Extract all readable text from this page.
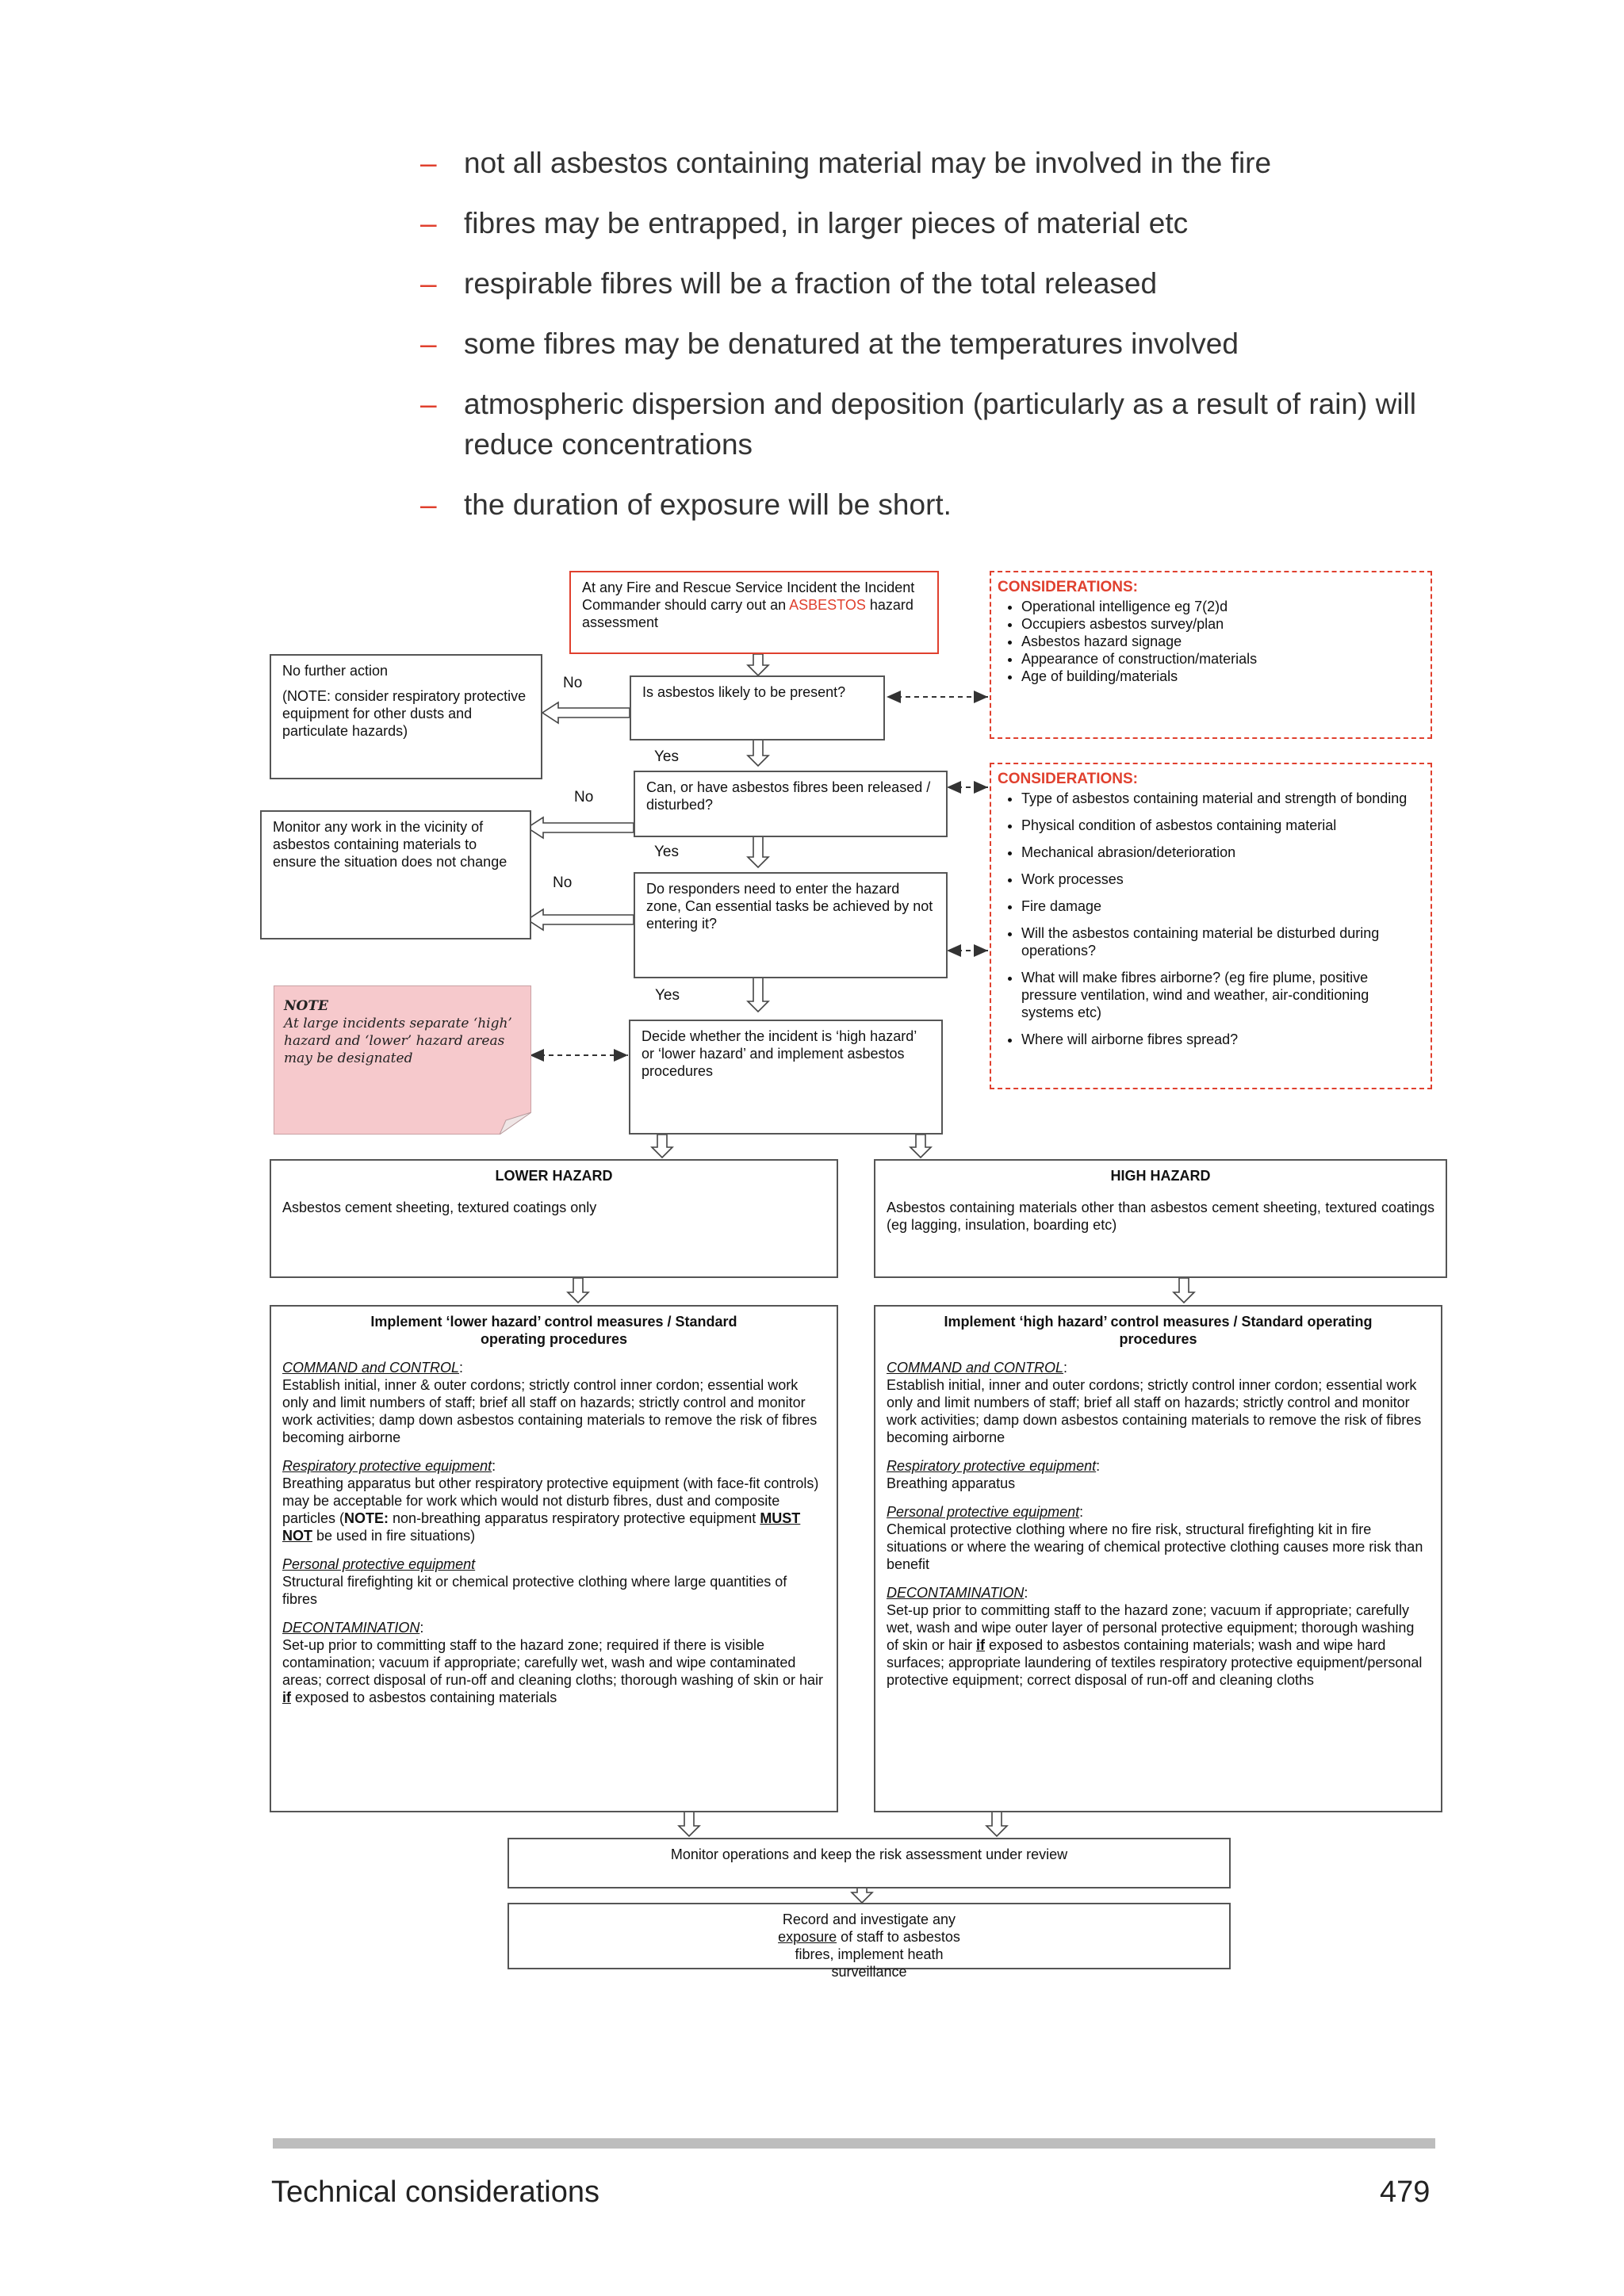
– not all asbestos containing material may be involved in the fire
– fibres may be entrapped, in larger pieces of material etc
– respirable fibres will be a fraction of the total released
– some fibres may be denatured at the temperatures involved
– atmospheric dispersion and deposition (particularly as a result of rain) will reduce concentrations
– the duration of exposure will be short.
At any Fire and Rescue Service Incident the Incident Commander should carry out an ASBESTOS hazard assessment
CONSIDERATIONS:
• Operational intelligence eg 7(2)d
• Occupiers asbestos survey/plan
• Asbestos hazard signage
• Appearance of construction/materials
• Age of building/materials
No further action
(NOTE: consider respiratory protective equipment for other dusts and particulate hazards)
No
Is asbestos likely to be present?
Yes
Can, or have asbestos fibres been released / disturbed?
No
CONSIDERATIONS:
• Type of asbestos containing material and strength of bonding
• Physical condition of asbestos containing material
• Mechanical abrasion/deterioration
• Work processes
• Fire damage
• Will the asbestos containing material be disturbed during operations?
• What will make fibres airborne? (eg fire plume, positive pressure ventilation, wind and weather, air-conditioning systems etc)
• Where will airborne fibres spread?
Monitor any work in the vicinity of asbestos containing materials to ensure the situation does not change
Yes
No	Do responders need to enter the hazard zone, Can essential tasks be achieved by not entering it?
Yes
NOTE
At large incidents separate ‘high’ hazard and ‘lower’ hazard areas may be designated
Decide whether the incident is ‘high hazard’ or ‘lower hazard’ and implement asbestos procedures
LOWER HAZARD
Asbestos cement sheeting, textured coatings only
HIGH HAZARD
Asbestos containing materials other than asbestos cement sheeting, textured coatings (eg lagging, insulation, boarding etc)
Implement ‘lower hazard’ control measures / Standard operating procedures
COMMAND and CONTROL:
Establish initial, inner & outer cordons; strictly control inner cordon; essential work only and limit numbers of staff; brief all staff on hazards; strictly control and monitor work activities; damp down asbestos containing materials to remove the risk of fibres becoming airborne
Respiratory protective equipment:
Breathing apparatus but other respiratory protective equipment (with face-fit controls) may be acceptable for work which would not disturb fibres, dust and composite particles (NOTE: non-breathing apparatus respiratory protective equipment MUST NOT be used in fire situations)
Personal protective equipment
Structural firefighting kit or chemical protective clothing where large quantities of fibres
DECONTAMINATION:
Set-up prior to committing staff to the hazard zone; required if there is visible contamination; vacuum if appropriate; carefully wet, wash and wipe contaminated areas; correct disposal of run-off and cleaning cloths; thorough washing of skin or hair if exposed to asbestos containing materials
Implement ‘high hazard’ control measures / Standard operating procedures
COMMAND and CONTROL:
Establish initial, inner and outer cordons; strictly control inner cordon; essential work only and limit numbers of staff; brief all staff on hazards; strictly control and monitor work activities; damp down asbestos containing materials to remove the risk of fibres becoming airborne
Respiratory protective equipment:
Breathing apparatus
Personal protective equipment:
Chemical protective clothing where no fire risk, structural firefighting kit in fire situations or where the wearing of chemical protective clothing causes more risk than benefit
DECONTAMINATION:
Set-up prior to committing staff to the hazard zone; vacuum if appropriate; carefully wet, wash and wipe outer layer of personal protective equipment; thorough washing of skin or hair if exposed to asbestos containing materials; wash and wipe hard surfaces; appropriate laundering of textiles respiratory protective equipment/personal protective equipment; correct disposal of run-off and cleaning cloths
Monitor operations and keep the risk assessment under review
Record and investigate any exposure of staff to asbestos fibres, implement heath surveillance
Technical considerations	479
